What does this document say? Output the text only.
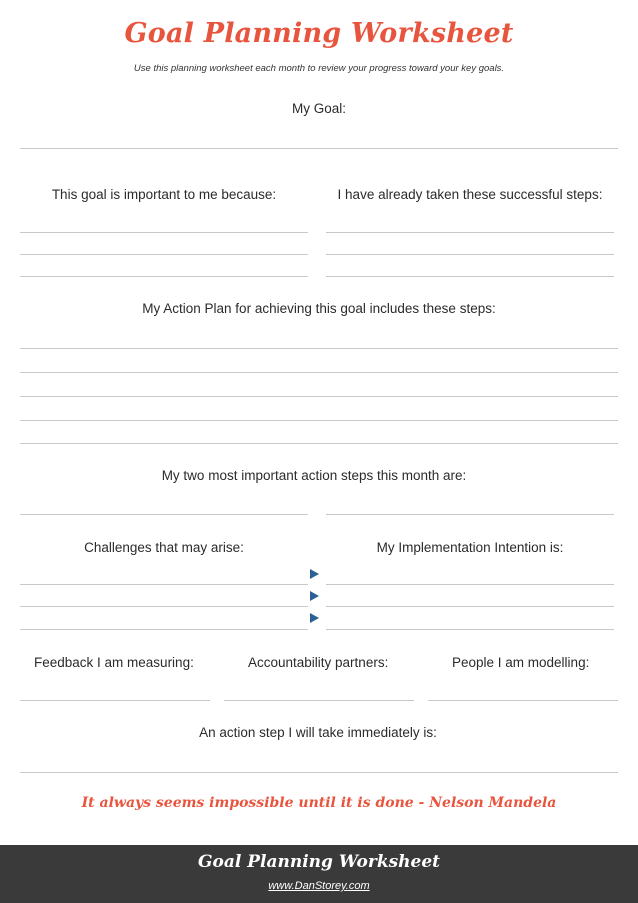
Goal Planning Worksheet
Use this planning worksheet each month to review your progress toward your key goals.
My Goal:
This goal is important to me because:	I have already taken these successful steps:
My Action Plan for achieving this goal includes these steps:
My two most important action steps this month are:
Challenges that may arise:	My Implementation Intention is:
Feedback I am measuring:	Accountability partners:	People I am modelling:
An action step I will take immediately is:
It always seems impossible until it is done - Nelson Mandela
Goal Planning Worksheet
www.DanStorey.com
